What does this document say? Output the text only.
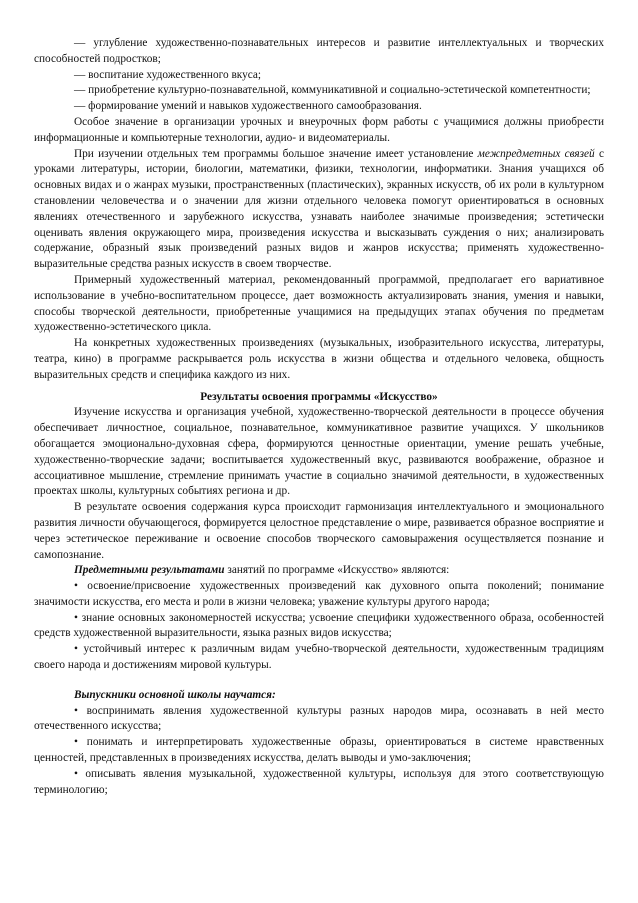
— углубление художественно-познавательных интересов и развитие интеллектуальных и творческих способностей подростков;

— воспитание художественного вкуса;

— приобретение культурно-познавательной, коммуникативной и социально-эстетической компетентности;

— формирование умений и навыков художественного самообразования.

Особое значение в организации урочных и внеурочных форм работы с учащимися должны приобрести информационные и компьютерные технологии, аудио- и видеоматериалы.

При изучении отдельных тем программы большое значение имеет установление межпредметных связей с уроками литературы, истории, биологии, математики, физики, технологии, информатики. Знания учащихся об основных видах и о жанрах музыки, пространственных (пластических), экранных искусств, об их роли в культурном становлении человечества и о значении для жизни отдельного человека помогут ориентироваться в основных явлениях отечественного и зарубежного искусства, узнавать наиболее значимые произведения; эстетически оценивать явления окружающего мира, произведения искусства и высказывать суждения о них; анализировать содержание, образный язык произведений разных видов и жанров искусства; применять художественно-выразительные средства разных искусств в своем творчестве.

Примерный художественный материал, рекомендованный программой, предполагает его вариативное использование в учебно-воспитательном процессе, дает возможность актуализировать знания, умения и навыки, способы творческой деятельности, приобретенные учащимися на предыдущих этапах обучения по предметам художественно-эстетического цикла.

На конкретных художественных произведениях (музыкальных, изобразительного искусства, литературы, театра, кино) в программе раскрывается роль искусства в жизни общества и отдельного человека, общность выразительных средств и специфика каждого из них.

Результаты освоения программы «Искусство»

Изучение искусства и организация учебной, художественно-творческой деятельности в процессе обучения обеспечивает личностное, социальное, познавательное, коммуникативное развитие учащихся. У школьников обогащается эмоционально-духовная сфера, формируются ценностные ориентации, умение решать учебные, художественно-творческие задачи; воспитывается художественный вкус, развиваются воображение, образное и ассоциативное мышление, стремление принимать участие в социально значимой деятельности, в художественных проектах школы, культурных событиях региона и др.

В результате освоения содержания курса происходит гармонизация интеллектуального и эмоционального развития личности обучающегося, формируется целостное представление о мире, развивается образное восприятие и через эстетическое переживание и освоение способов творческого самовыражения осуществляется познание и самопознание.

Предметными результатами занятий по программе «Искусство» являются:

• освоение/присвоение художественных произведений как духовного опыта поколений; понимание значимости искусства, его места и роли в жизни человека; уважение культуры другого народа;

• знание основных закономерностей искусства; усвоение специфики художественного образа, особенностей средств художественной выразительности, языка разных видов искусства;

• устойчивый интерес к различным видам учебно-творческой деятельности, художественным традициям своего народа и достижениям мировой культуры.

Выпускники основной школы научатся:

• воспринимать явления художественной культуры разных народов мира, осознавать в ней место отечественного искусства;

• понимать и интерпретировать художественные образы, ориентироваться в системе нравственных ценностей, представленных в произведениях искусства, делать выводы и умо-заключения;

• описывать явления музыкальной, художественной культуры, используя для этого соответствующую терминологию;
